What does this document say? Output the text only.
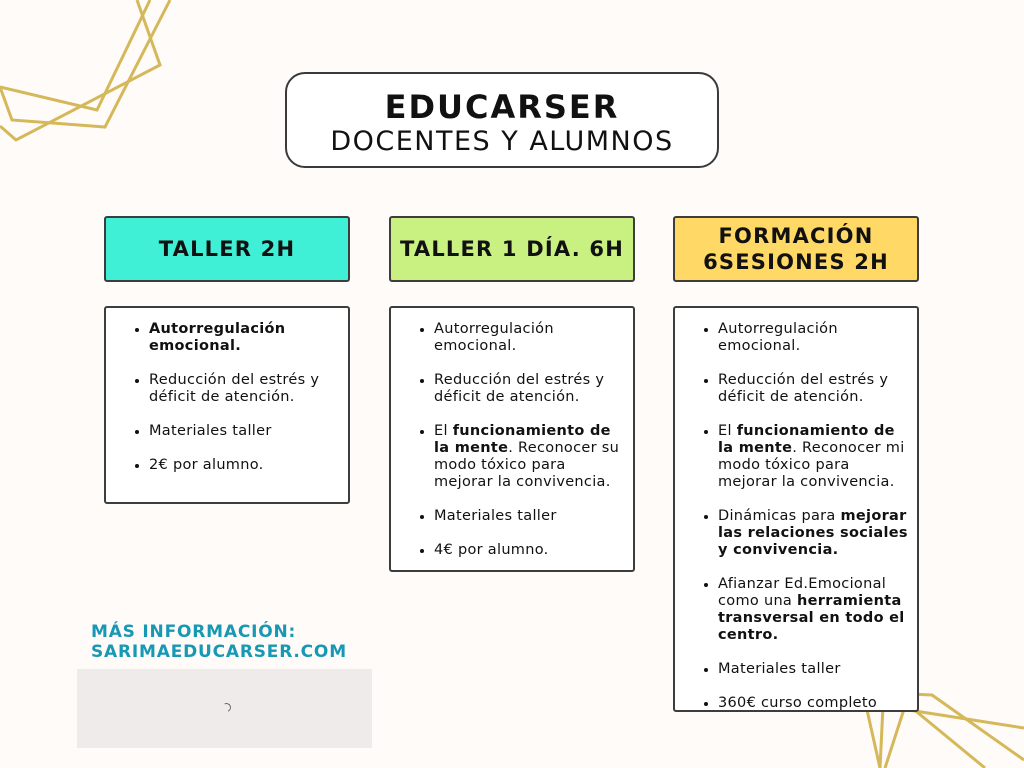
EDUCARSER
DOCENTES Y ALUMNOS
TALLER 2H
• Autorregulación emocional.
• Reducción del estrés y déficit de atención.
• Materiales taller
• 2€ por alumno.
TALLER 1 DÍA. 6H
• Autorregulación emocional.
• Reducción del estrés y déficit de atención.
• El funcionamiento de la mente. Reconocer su modo tóxico para mejorar la convivencia.
• Materiales taller
• 4€ por alumno.
FORMACIÓN
6SESIONES 2H
• Autorregulación emocional.
• Reducción del estrés y déficit de atención.
• El funcionamiento de la mente. Reconocer mi modo tóxico para mejorar la convivencia.
• Dinámicas para mejorar las relaciones sociales y convivencia.
• Afianzar Ed.Emocional como una herramienta transversal en todo el centro.
• Materiales taller
• 360€ curso completo
MÁS INFORMACIÓN:
SARIMAEDUCARSER.COM
